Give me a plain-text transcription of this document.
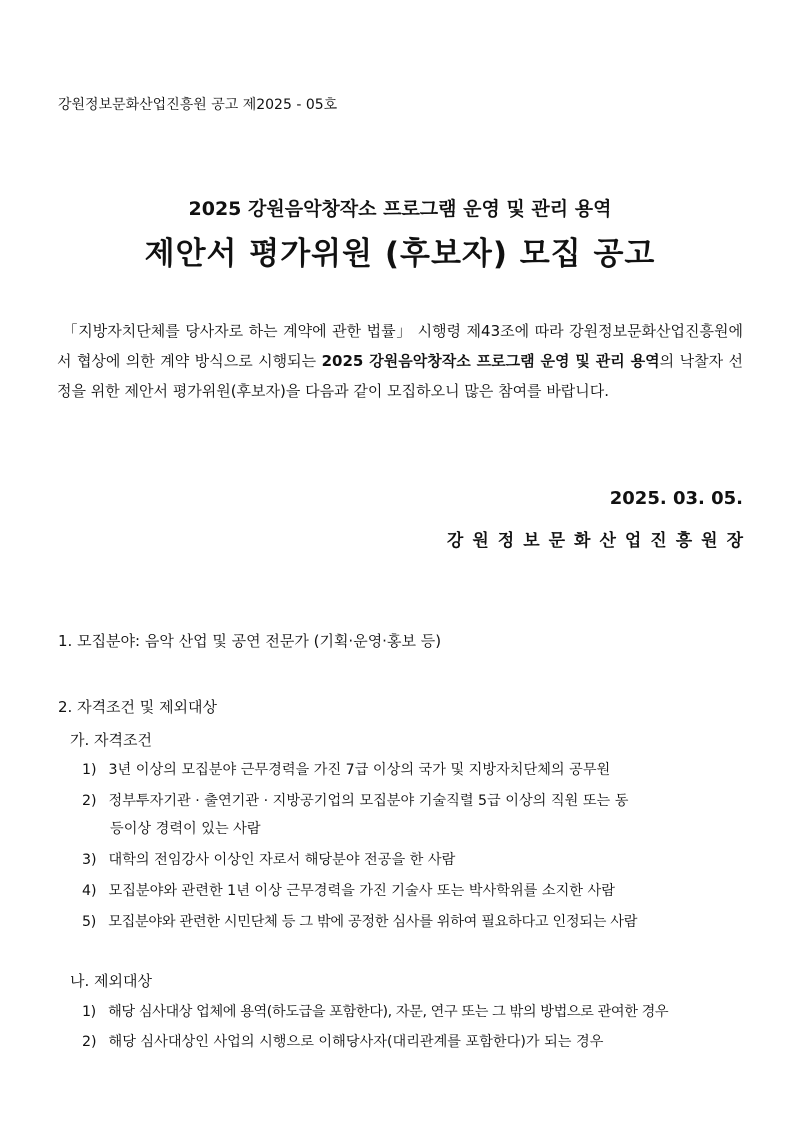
강원정보문화산업진흥원 공고 제2025 - 05호
2025 강원음악창작소 프로그램 운영 및 관리 용역
제안서 평가위원 (후보자) 모집 공고
「지방자치단체를 당사자로 하는 계약에 관한 법률」 시행령 제43조에 따라 강원정보문화산업진흥원에서 협상에 의한 계약 방식으로 시행되는 2025 강원음악창작소 프로그램 운영 및 관리 용역의 낙찰자 선정을 위한 제안서 평가위원(후보자)을 다음과 같이 모집하오니 많은 참여를 바랍니다.
2025. 03. 05.
강원정보문화산업진흥원장
1. 모집분야: 음악 산업 및 공연 전문가 (기획·운영·홍보 등)
2. 자격조건 및 제외대상
가. 자격조건
1) 3년 이상의 모집분야 근무경력을 가진 7급 이상의 국가 및 지방자치단체의 공무원
2) 정부투자기관 · 출연기관 · 지방공기업의 모집분야 기술직렬 5급 이상의 직원 또는 동
등이상 경력이 있는 사람
3) 대학의 전임강사 이상인 자로서 해당분야 전공을 한 사람
4) 모집분야와 관련한 1년 이상 근무경력을 가진 기술사 또는 박사학위를 소지한 사람
5) 모집분야와 관련한 시민단체 등 그 밖에 공정한 심사를 위하여 필요하다고 인정되는 사람
나. 제외대상
1) 해당 심사대상 업체에 용역(하도급을 포함한다), 자문, 연구 또는 그 밖의 방법으로 관여한 경우
2) 해당 심사대상인 사업의 시행으로 이해당사자(대리관계를 포함한다)가 되는 경우
